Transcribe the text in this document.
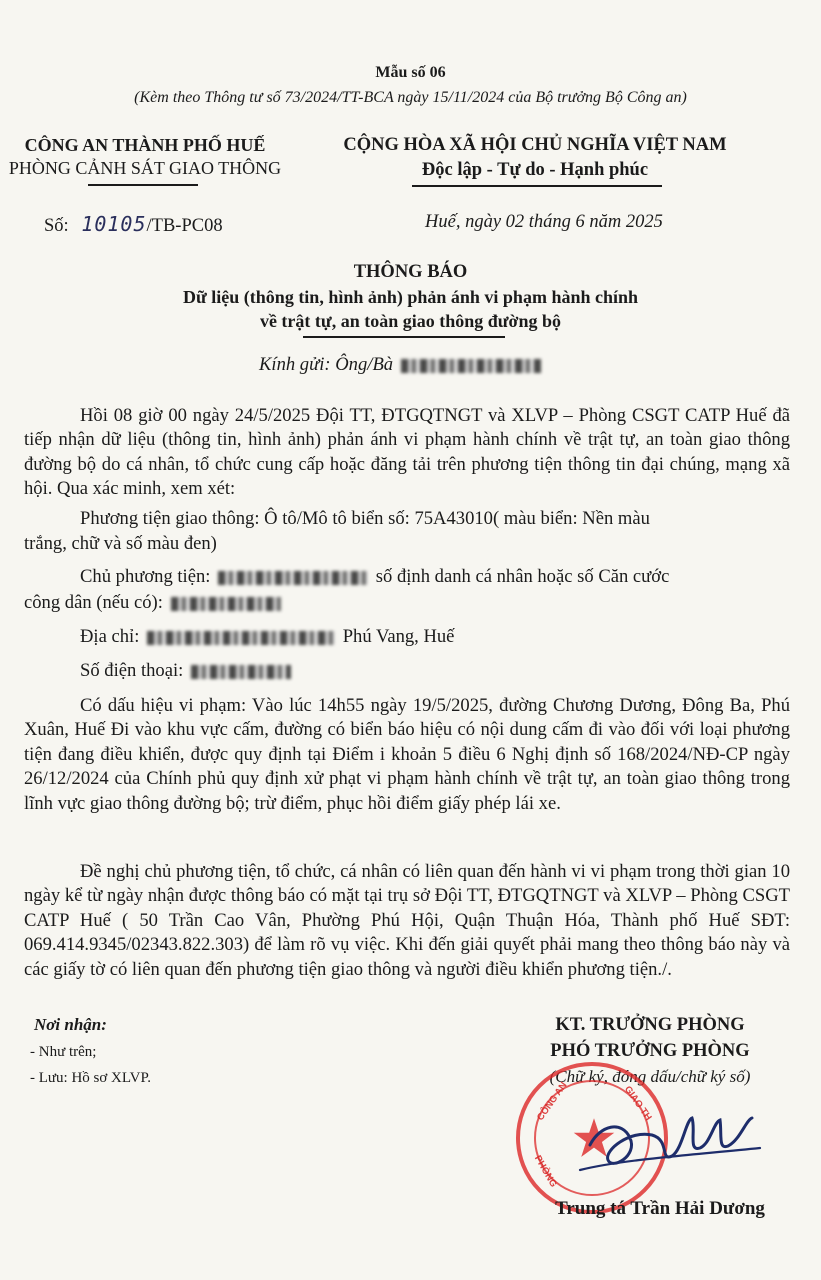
Mẫu số 06
(Kèm theo Thông tư số 73/2024/TT-BCA ngày 15/11/2024 của Bộ trưởng Bộ Công an)
CÔNG AN THÀNH PHỐ HUẾ
PHÒNG CẢNH SÁT GIAO THÔNG
CỘNG HÒA XÃ HỘI CHỦ NGHĨA VIỆT NAM
Độc lập - Tự do - Hạnh phúc
Số: 10105/TB-PC08	Huế, ngày 02 tháng 6 năm 2025
THÔNG BÁO
Dữ liệu (thông tin, hình ảnh) phản ánh vi phạm hành chính
về trật tự, an toàn giao thông đường bộ
Kính gửi: Ông/Bà
Hồi 08 giờ 00 ngày 24/5/2025 Đội TT, ĐTGQTNGT và XLVP – Phòng CSGT CATP Huế đã tiếp nhận dữ liệu (thông tin, hình ảnh) phản ánh vi phạm hành chính về trật tự, an toàn giao thông đường bộ do cá nhân, tổ chức cung cấp hoặc đăng tải trên phương tiện thông tin đại chúng, mạng xã hội. Qua xác minh, xem xét:
Phương tiện giao thông: Ô tô/Mô tô biển số: 75A43010( màu biển: Nền màu
trắng, chữ và số màu đen)
Chủ phương tiện:	số định danh cá nhân hoặc số Căn cước
công dân (nếu có):
Địa chỉ:	Phú Vang, Huế
Số điện thoại:
Có dấu hiệu vi phạm: Vào lúc 14h55 ngày 19/5/2025, đường Chương Dương, Đông Ba, Phú Xuân, Huế Đi vào khu vực cấm, đường có biển báo hiệu có nội dung cấm đi vào đối với loại phương tiện đang điều khiển, được quy định tại Điểm i khoản 5 điều 6 Nghị định số 168/2024/NĐ-CP ngày 26/12/2024 của Chính phủ quy định xử phạt vi phạm hành chính về trật tự, an toàn giao thông trong lĩnh vực giao thông đường bộ; trừ điểm, phục hồi điểm giấy phép lái xe.
Đề nghị chủ phương tiện, tổ chức, cá nhân có liên quan đến hành vi vi phạm trong thời gian 10 ngày kể từ ngày nhận được thông báo có mặt tại trụ sở Đội TT, ĐTGQTNGT và XLVP – Phòng CSGT CATP Huế ( 50 Trần Cao Vân, Phường Phú Hội, Quận Thuận Hóa, Thành phố Huế SĐT: 069.414.9345/02343.822.303) để làm rõ vụ việc. Khi đến giải quyết phải mang theo thông báo này và các giấy tờ có liên quan đến phương tiện giao thông và người điều khiển phương tiện./.
Nơi nhận:
- Như trên;
- Lưu: Hồ sơ XLVP.
KT. TRƯỞNG PHÒNG
PHÓ TRƯỞNG PHÒNG
(Chữ ký, đóng dấu/chữ ký số)
CÔNG AN	GIAO TH
PHÒNG
Trung tá Trần Hải Dương
